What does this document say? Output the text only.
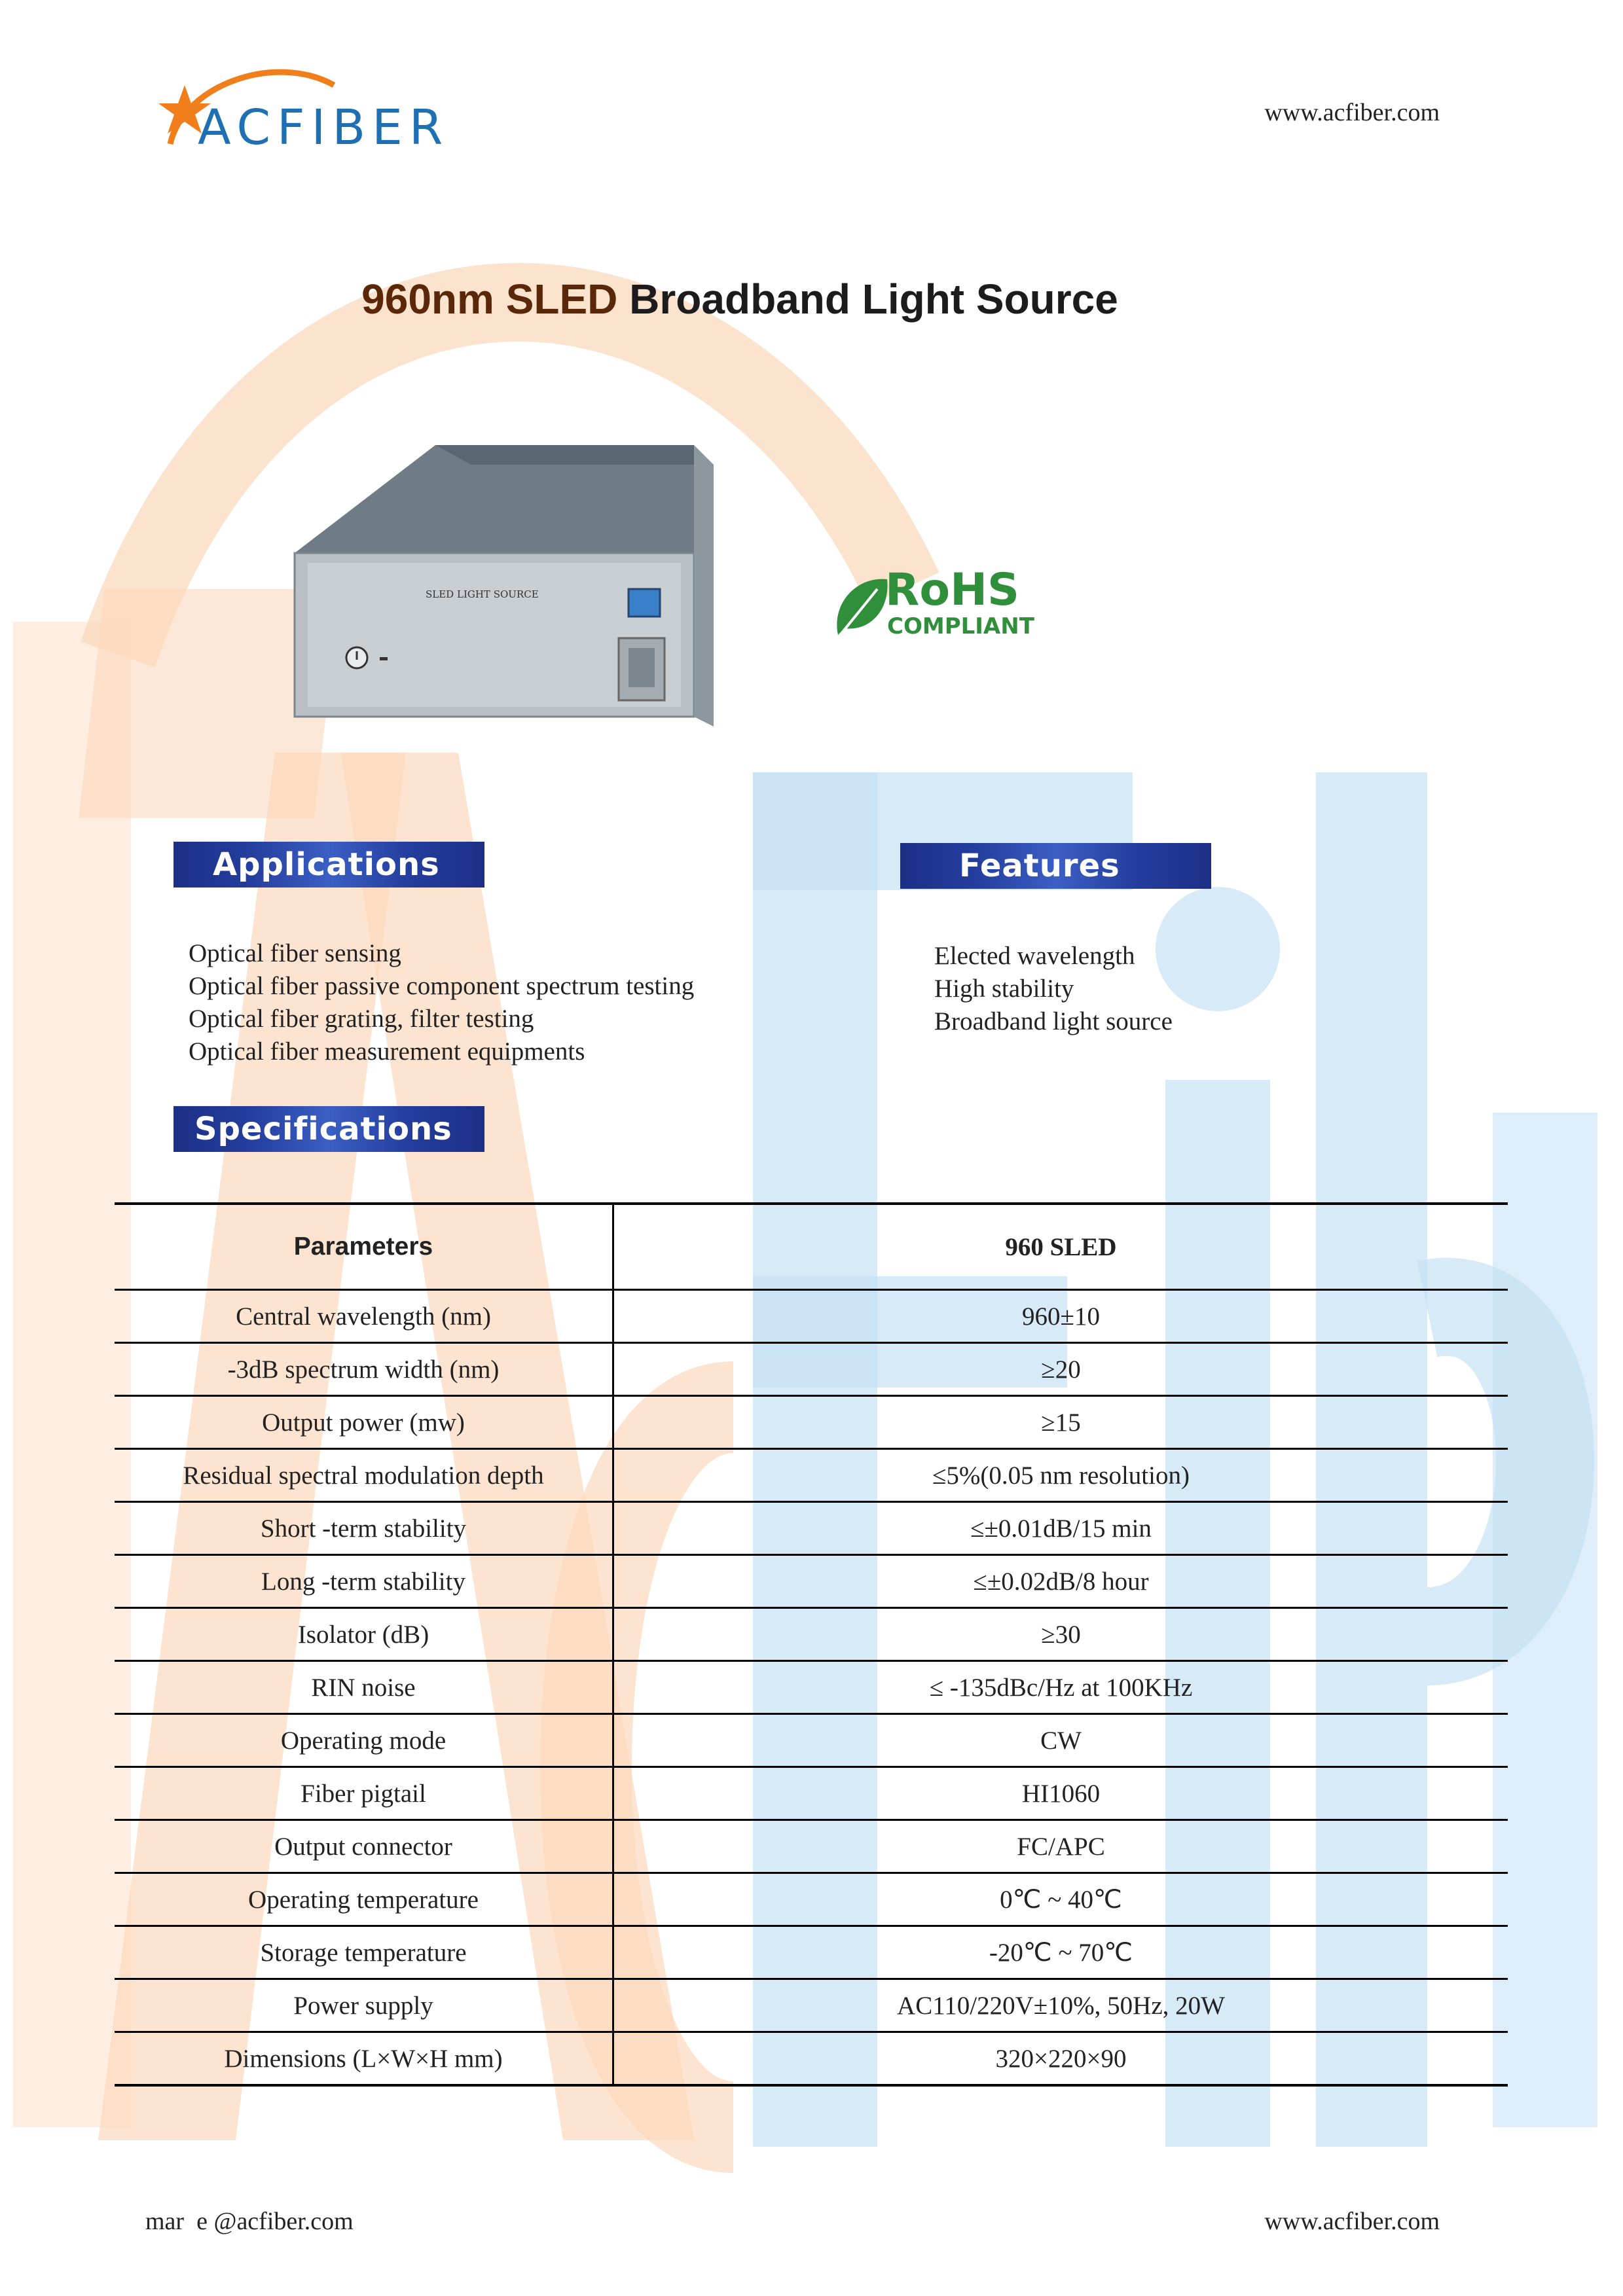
ACFIBER	www.acfiber.com
960nm SLED Broadband Light Source
SLED LIGHT SOURCE	RoHS
COMPLIANT
Applications
Optical fiber sensing
Optical fiber passive component spectrum testing
Optical fiber grating, filter testing
Optical fiber measurement equipments
Features
Elected wavelength
High stability
Broadband light source
Specifications
Parameters	960 SLED
Central wavelength (nm)	960±10
-3dB spectrum width (nm)	≥20
Output power (mw)	≥15
Residual spectral modulation depth	≤5%(0.05 nm resolution)
Short -term stability	≤±0.01dB/15 min
Long -term stability	≤±0.02dB/8 hour
Isolator (dB)	≥30
RIN noise	≤ -135dBc/Hz at 100KHz
Operating mode	CW
Fiber pigtail	HI1060
Output connector	FC/APC
Operating temperature	0℃ ~ 40℃
Storage temperature	-20℃ ~ 70℃
Power supply	AC110/220V±10%, 50Hz, 20W
Dimensions (L×W×H mm)	320×220×90
mar  e @acfiber.com	www.acfiber.com
